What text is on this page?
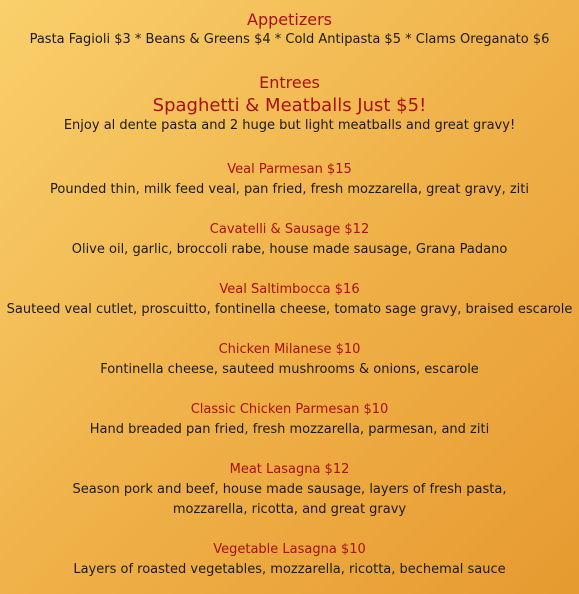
Appetizers

Pasta Fagioli $3 * Beans & Greens $4 * Cold Antipasta $5 * Clams Oreganato $6

Entrees

Spaghetti & Meatballs Just $5!

Enjoy al dente pasta and 2 huge but light meatballs and great gravy!

Veal Parmesan $15

Pounded thin, milk feed veal, pan fried, fresh mozzarella, great gravy, ziti

Cavatelli & Sausage $12

Olive oil, garlic, broccoli rabe, house made sausage, Grana Padano

Veal Saltimbocca $16

Sauteed veal cutlet, proscuitto, fontinella cheese, tomato sage gravy, braised escarole

Chicken Milanese $10

Fontinella cheese, sauteed mushrooms & onions, escarole

Classic Chicken Parmesan $10

Hand breaded pan fried, fresh mozzarella, parmesan, and ziti

Meat Lasagna $12

Season pork and beef, house made sausage, layers of fresh pasta,

mozzarella, ricotta, and great gravy

Vegetable Lasagna $10

Layers of roasted vegetables, mozzarella, ricotta, bechemal sauce
